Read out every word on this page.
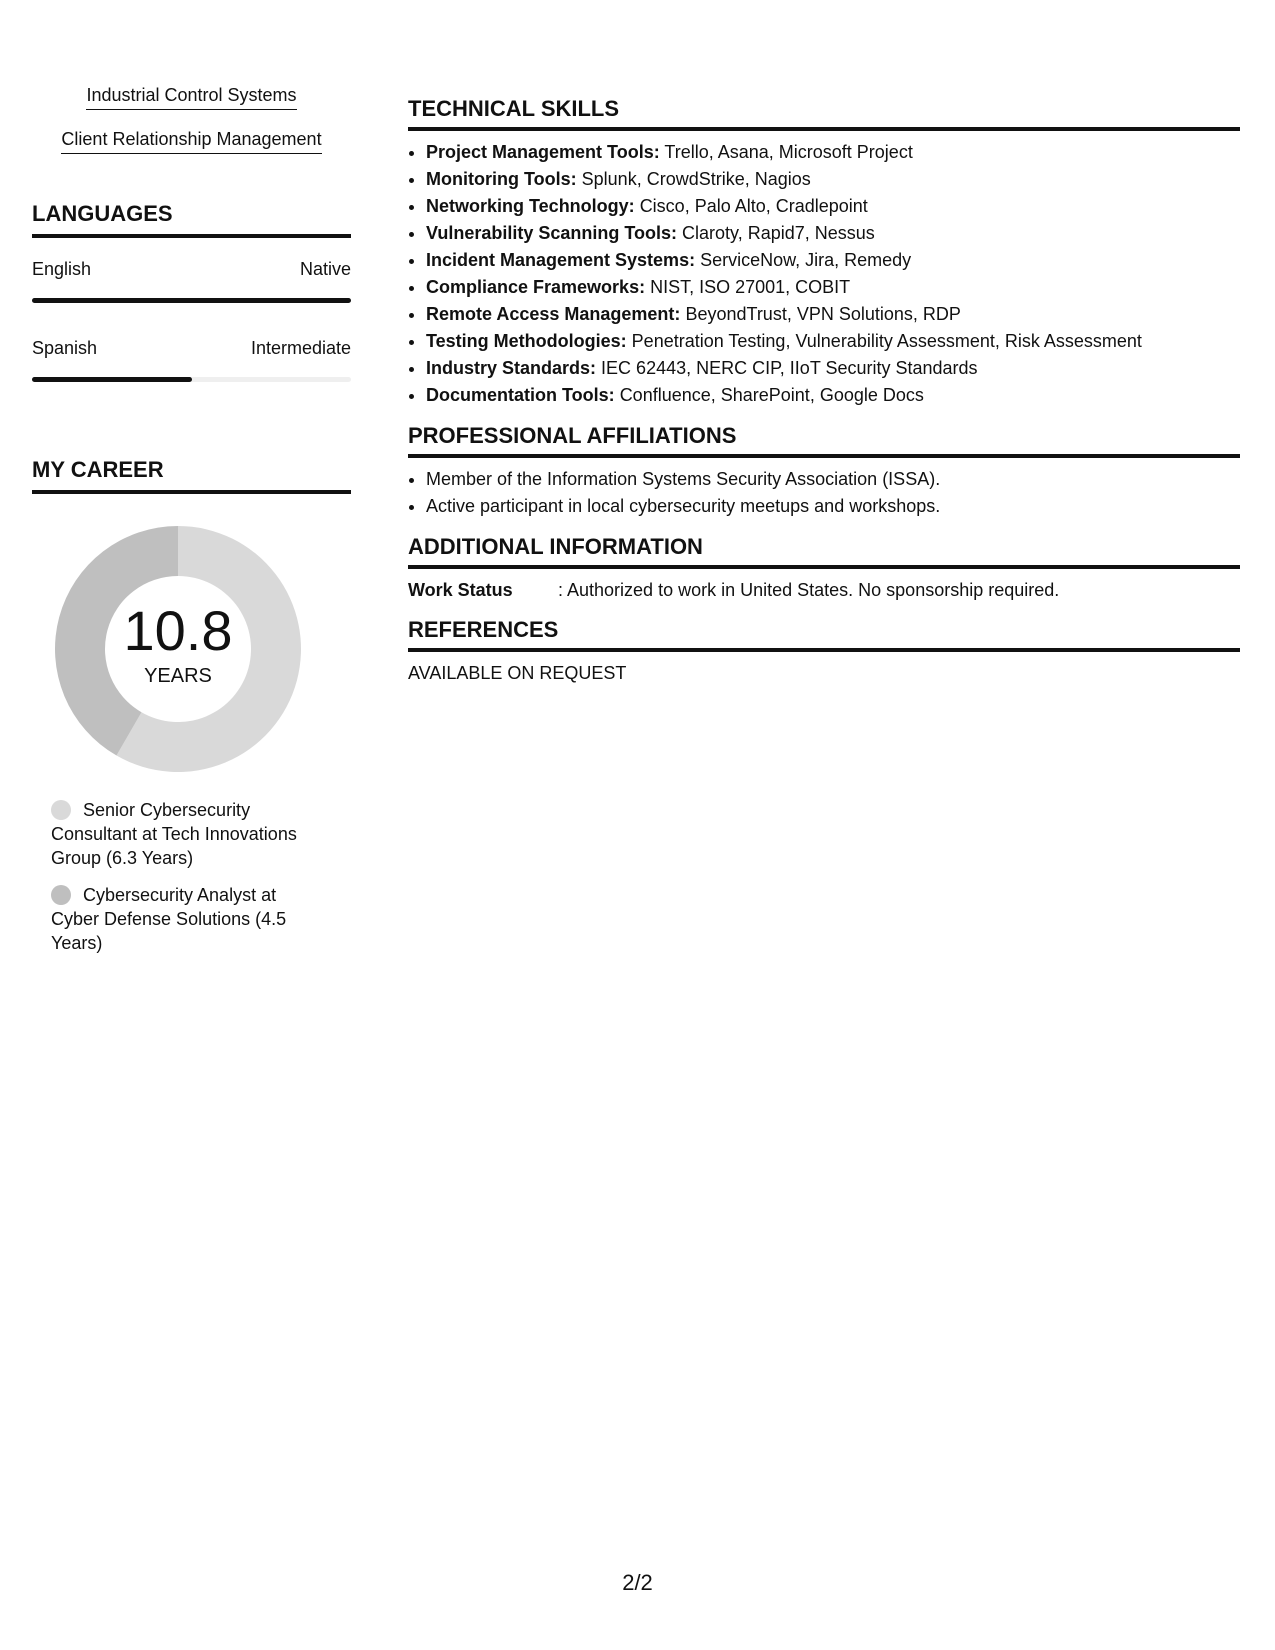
Industrial Control Systems
Client Relationship Management
LANGUAGES
English	Native
Spanish	Intermediate
MY CAREER
10.8
YEARS
Senior Cybersecurity Consultant at Tech Innovations Group (6.3 Years)
Cybersecurity Analyst at Cyber Defense Solutions (4.5 Years)
TECHNICAL SKILLS
• Project Management Tools: Trello, Asana, Microsoft Project
• Monitoring Tools: Splunk, CrowdStrike, Nagios
• Networking Technology: Cisco, Palo Alto, Cradlepoint
• Vulnerability Scanning Tools: Claroty, Rapid7, Nessus
• Incident Management Systems: ServiceNow, Jira, Remedy
• Compliance Frameworks: NIST, ISO 27001, COBIT
• Remote Access Management: BeyondTrust, VPN Solutions, RDP
• Testing Methodologies: Penetration Testing, Vulnerability Assessment, Risk Assessment
• Industry Standards: IEC 62443, NERC CIP, IIoT Security Standards
• Documentation Tools: Confluence, SharePoint, Google Docs
PROFESSIONAL AFFILIATIONS
• Member of the Information Systems Security Association (ISSA).
• Active participant in local cybersecurity meetups and workshops.
ADDITIONAL INFORMATION
Work Status	: Authorized to work in United States. No sponsorship required.
REFERENCES
AVAILABLE ON REQUEST
2/2
